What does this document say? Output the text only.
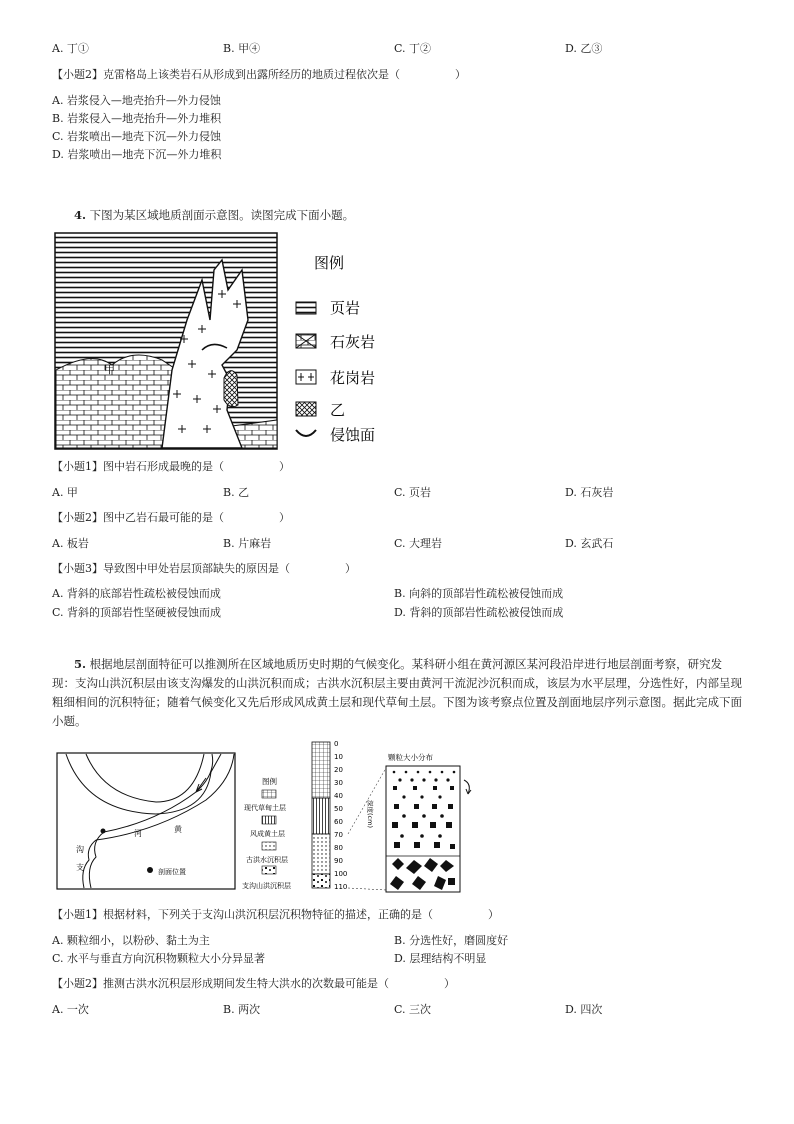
A. 丁①	B. 甲④	C. 丁②	D. 乙③
【小题2】克雷格岛上该类岩石从形成到出露所经历的地质过程依次是（　　　　　）
A. 岩浆侵入—地壳抬升—外力侵蚀
B. 岩浆侵入—地壳抬升—外力堆积
C. 岩浆喷出—地壳下沉—外力侵蚀
D. 岩浆喷出—地壳下沉—外力堆积
4. 下图为某区域地质剖面示意图。读图完成下面小题。
甲
图例
页岩
石灰岩
花岗岩
乙
侵蚀面
【小题1】图中岩石形成最晚的是（　　　　　）
A. 甲	B. 乙	C. 页岩	D. 石灰岩
【小题2】图中乙岩石最可能的是（　　　　　）
A. 板岩	B. 片麻岩	C. 大理岩	D. 玄武石
【小题3】导致图中甲处岩层顶部缺失的原因是（　　　　　）
A. 背斜的底部岩性疏松被侵蚀而成	B. 向斜的顶部岩性疏松被侵蚀而成
C. 背斜的顶部岩性坚硬被侵蚀而成	D. 背斜的顶部岩性疏松被侵蚀而成
5. 根据地层剖面特征可以推测所在区域地质历史时期的气候变化。某科研小组在黄河源区某河段沿岸进行地层剖面考察，研究发现：支沟山洪沉积层由该支沟爆发的山洪沉积而成；古洪水沉积层主要由黄河干流泥沙沉积而成，该层为水平层理，分选性好，内部呈现粗细相间的沉积特征；随着气候变化又先后形成风成黄土层和现代草甸土层。下图为该考察点位置及剖面地层序列示意图。据此完成下面小题。
河	黄
沟
支	剖面位置
图例
现代草甸土层
风成黄土层
古洪水沉积层
支沟山洪沉积层
0
10
20
30
40
50
60
70
80
90
100
110
深度(cm)
颗粒大小分布
【小题1】根据材料，下列关于支沟山洪沉积层沉积物特征的描述，正确的是（　　　　　）
A. 颗粒细小，以粉砂、黏土为主	B. 分选性好，磨圆度好
C. 水平与垂直方向沉积物颗粒大小分异显著	D. 层理结构不明显
【小题2】推测古洪水沉积层形成期间发生特大洪水的次数最可能是（　　　　　）
A. 一次	B. 两次	C. 三次	D. 四次
